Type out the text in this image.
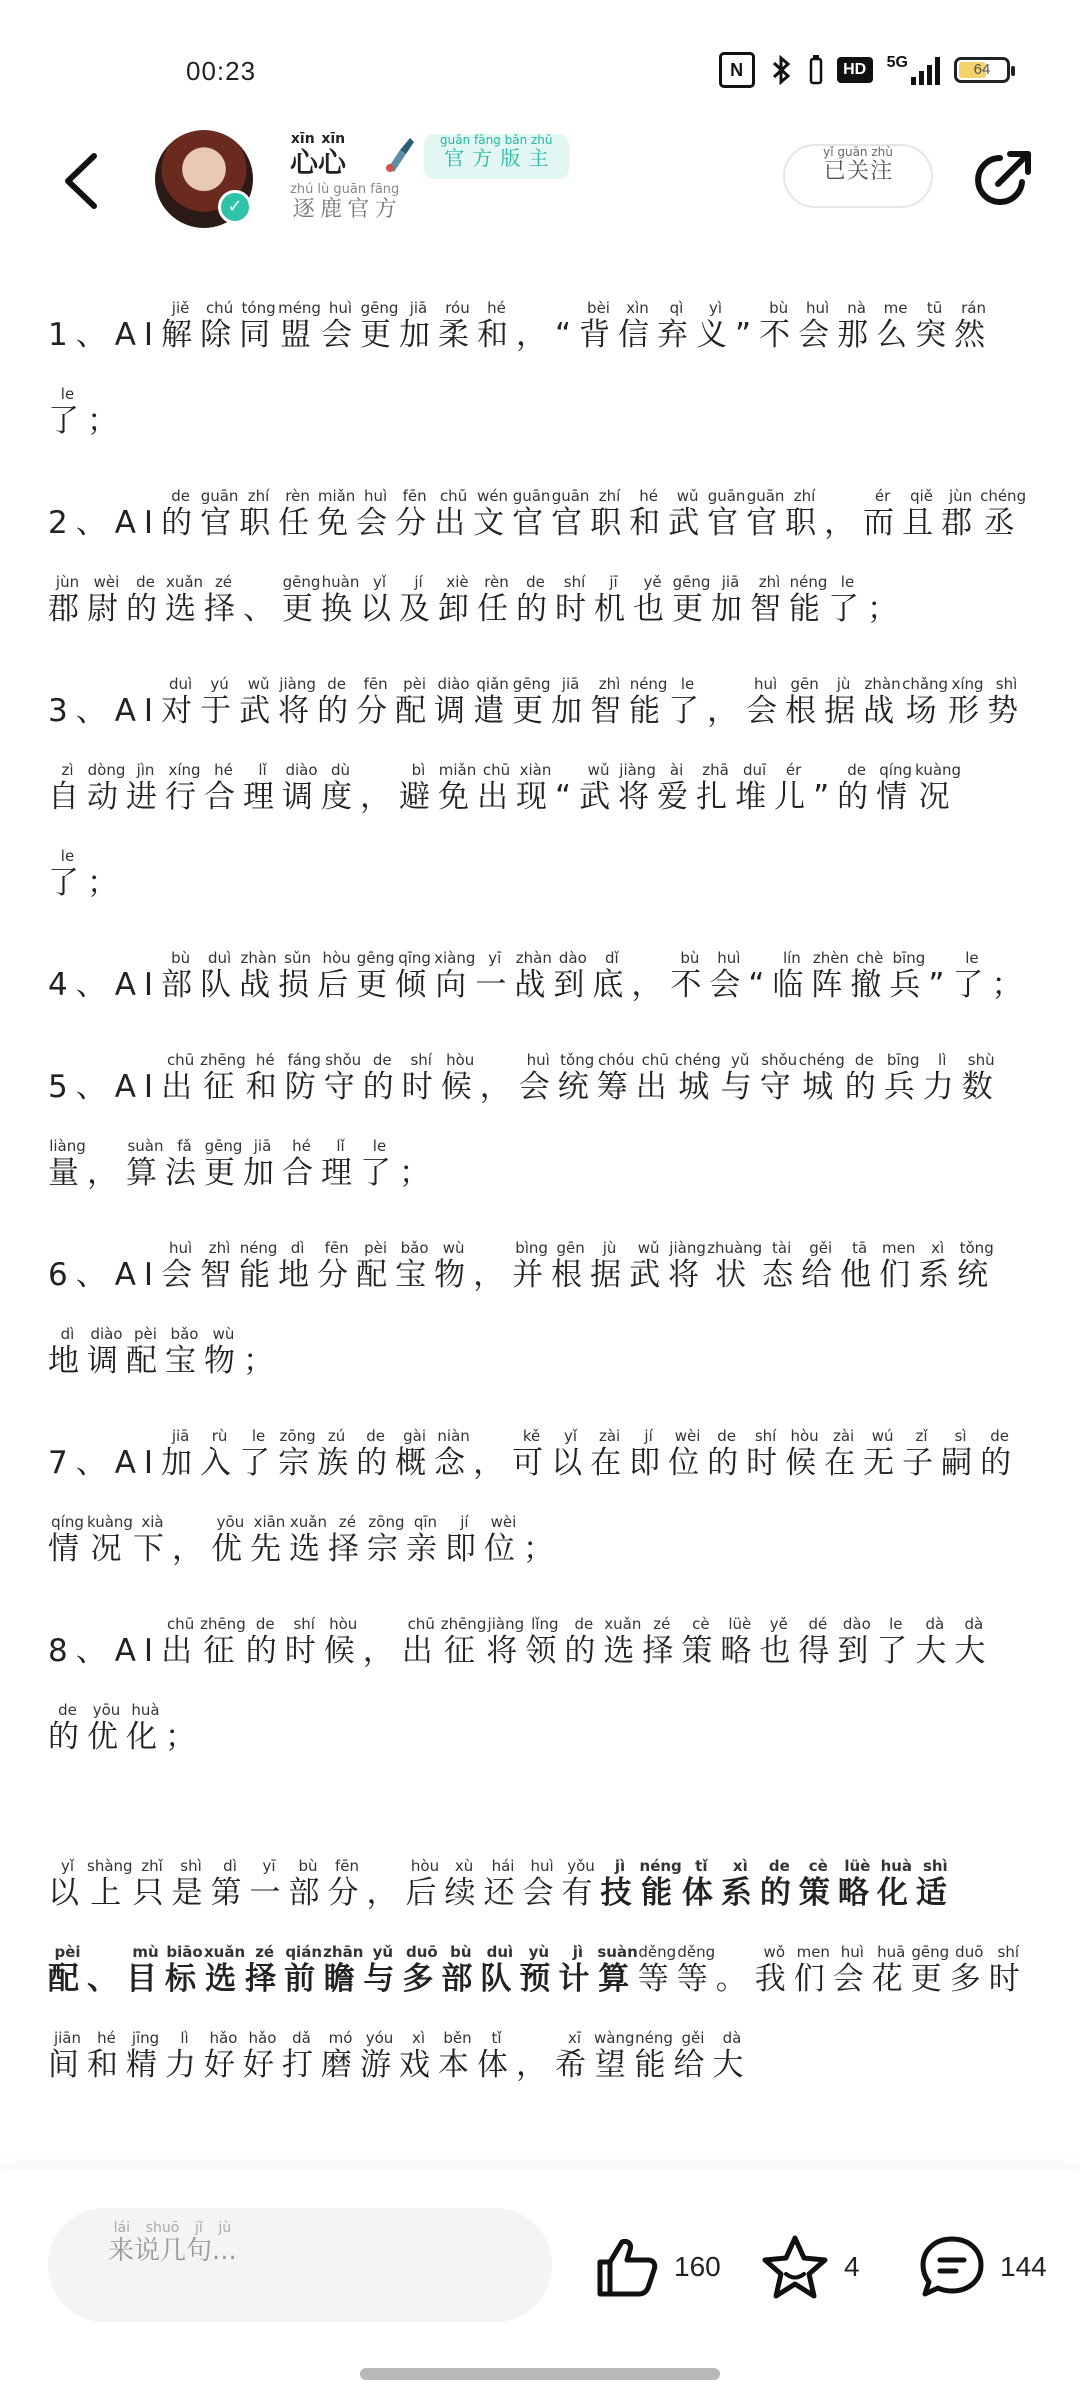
00:23	N	HD	5G	64
✓
心心xīn xīn
逐鹿官方zhú lù guān fāng
官方版主guān fāng bǎn zhǔ
已关注yǐ guān zhù

1、AI解jiě除chú同tóng盟méng会huì更gēng加jiā柔róu和hé，“背bèi信xìn弃qì义yì”不bù会huì那nà么me突tū然rán了le；

2、AI的de官guān职zhí任rèn免miǎn会huì分fēn出chū文wén官guān官guān职zhí和hé武wǔ官guān官guān职zhí，而ér且qiě郡jùn丞chéng郡jùn尉wèi的de选xuǎn择zé、更gēng换huàn以yǐ及jí卸xiè任rèn的de时shí机jī也yě更gēng加jiā智zhì能néng了le；

3、AI对duì于yú武wǔ将jiàng的de分fēn配pèi调diào遣qiǎn更gēng加jiā智zhì能néng了le，会huì根gēn据jù战zhàn场chǎng形xíng势shì自zì动dòng进jìn行xíng合hé理lǐ调diào度dù，避bì免miǎn出chū现xiàn“武wǔ将jiàng爱ài扎zhā堆duī儿ér”的de情qíng况kuàng了le；

4、AI部bù队duì战zhàn损sǔn后hòu更gēng倾qīng向xiàng一yī战zhàn到dào底dǐ，不bù会huì“临lín阵zhèn撤chè兵bīng”了le；

5、AI出chū征zhēng和hé防fáng守shǒu的de时shí候hòu，会huì统tǒng筹chóu出chū城chéng与yǔ守shǒu城chéng的de兵bīng力lì数shù量liàng，算suàn法fǎ更gēng加jiā合hé理lǐ了le；

6、AI会huì智zhì能néng地dì分fēn配pèi宝bǎo物wù，并bìng根gēn据jù武wǔ将jiàng状zhuàng态tài给gěi他tā们men系xì统tǒng地dì调diào配pèi宝bǎo物wù；

7、AI加jiā入rù了le宗zōng族zú的de概gài念niàn，可kě以yǐ在zài即jí位wèi的de时shí候hòu在zài无wú子zǐ嗣sì的de情qíng况kuàng下xià，优yōu先xiān选xuǎn择zé宗zōng亲qīn即jí位wèi；

8、AI出chū征zhēng的de时shí候hòu，出chū征zhēng将jiàng领lǐng的de选xuǎn择zé策cè略lüè也yě得dé到dào了le大dà大dà的de优yōu化huà；

以yǐ上shàng只zhǐ是shì第dì一yī部bù分fēn，后hòu续xù还hái会huì有yǒu技jì能néng体tǐ系xì的de策cè略lüè化huà适shì配pèi、目mù标biāo选xuǎn择zé前qián瞻zhān与yǔ多duō部bù队duì预yù计jì算suàn等děng等děng。我wǒ们men会huì花huā更gēng多duō时shí间jiān和hé精jīng力lì好hǎo好hǎo打dǎ磨mó游yóu戏xì本běn体tǐ，希xī望wàng能néng给gěi大dà

来说几句...lái shuō jǐ jù
160	4	144
